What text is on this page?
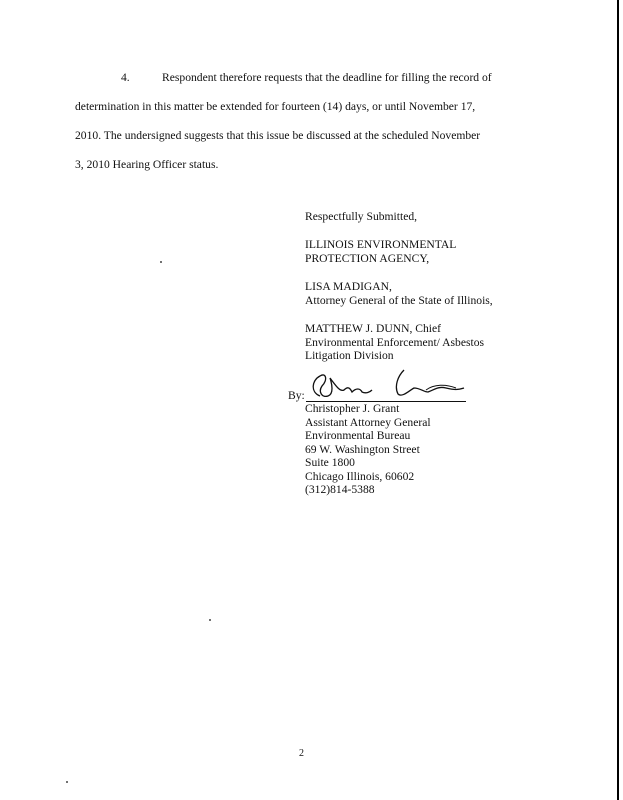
4.	Respondent therefore requests that the deadline for filling the record of
determination in this matter be extended for fourteen (14) days, or until November 17,
2010. The undersigned suggests that this issue be discussed at the scheduled November
3, 2010 Hearing Officer status.
Respectfully Submitted,
ILLINOIS ENVIRONMENTAL
PROTECTION AGENCY,
LISA MADIGAN,
Attorney General of the State of Illinois,
MATTHEW J. DUNN, Chief
Environmental Enforcement/ Asbestos
Litigation Division
By:
Christopher J. Grant
Assistant Attorney General
Environmental Bureau
69 W. Washington Street
Suite 1800
Chicago Illinois, 60602
(312)814-5388
2
